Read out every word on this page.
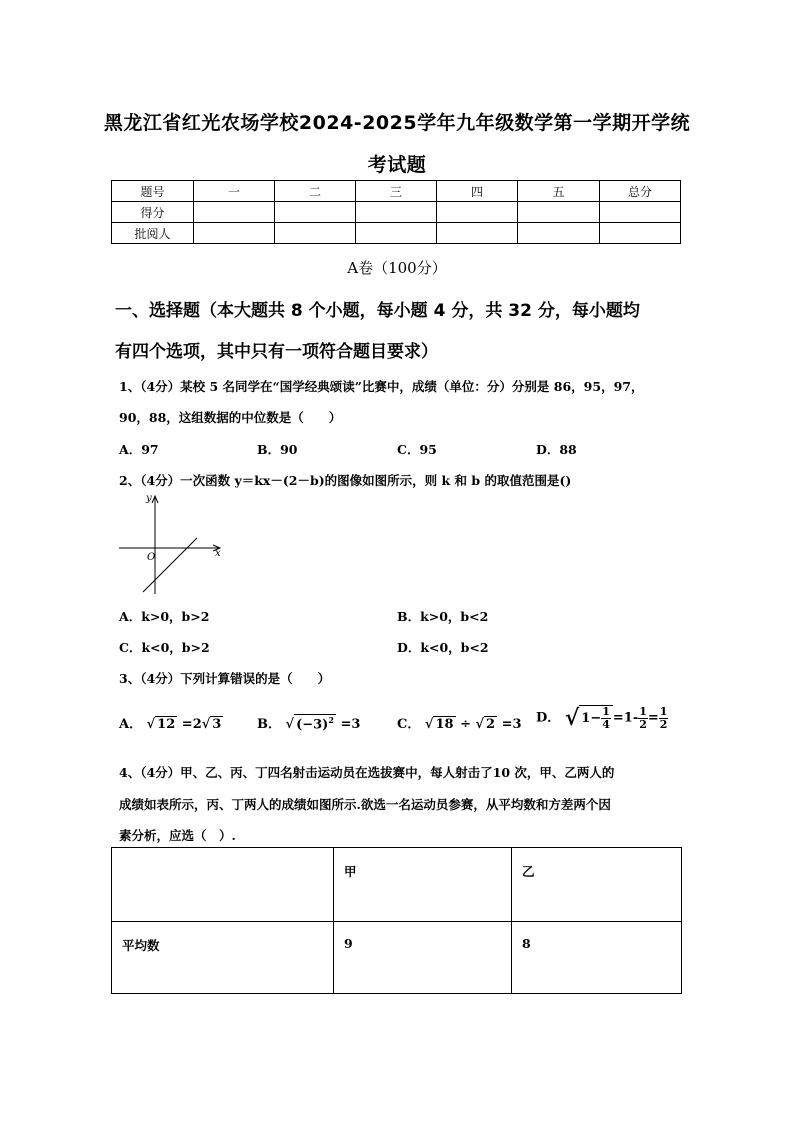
黑龙江省红光农场学校2024-2025学年九年级数学第一学期开学统
考试题
题号	一	二	三	四	五	总分
得分						
批阅人						
A卷（100分）
一、选择题（本大题共 8 个小题，每小题 4 分，共 32 分，每小题均
有四个选项，其中只有一项符合题目要求）
1、（4分）某校 5 名同学在“国学经典颂读”比赛中，成绩（单位：分）分别是 86，95，97，
90，88，这组数据的中位数是（　　）
A．97	B．90	C．95	D．88
2、（4分）一次函数 y＝kx－(2－b)的图像如图所示，则 k 和 b 的取值范围是()
y
x
O
A．k>0，b>2	B．k>0，b<2
C．k<0，b>2	D．k<0，b<2
3、（4分）下列计算错误的是（　　）
A． √ 12 =2√ 3	B． √ $(-3)^2 =3$	C． √ 18 ÷ √ 2 =3 D． √ $1- \frac{1}{4} =1- \frac{1}{2} = \frac{1}{2}$
4、（4分）甲、乙、丙、丁四名射击运动员在选拔赛中，每人射击了10 次，甲、乙两人的
成绩如表所示，丙、丁两人的成绩如图所示.欲选一名运动员参赛，从平均数和方差两个因
素分析，应选（　）.
	甲	乙
平均数	9	8
